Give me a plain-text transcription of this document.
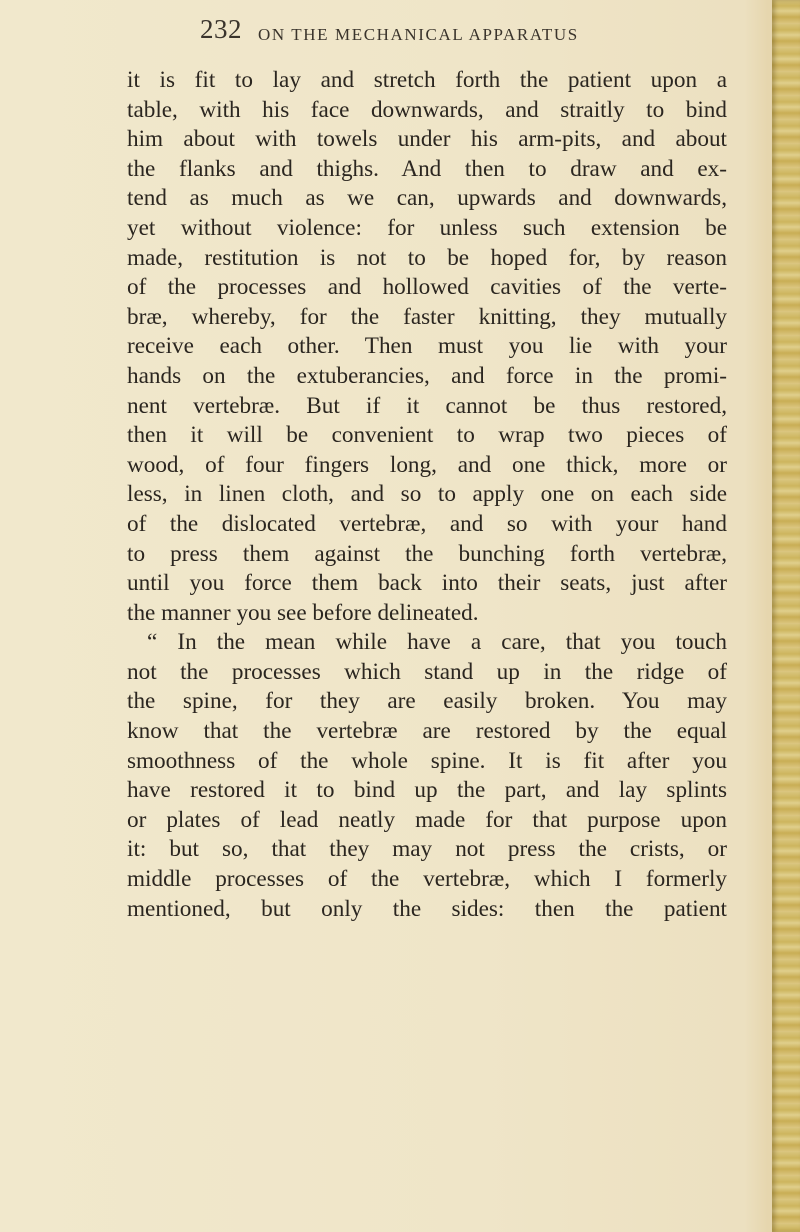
232 ON THE MECHANICAL APPARATUS
it is fit to lay and stretch forth the patient upon a
table, with his face downwards, and straitly to bind
him about with towels under his arm-pits, and about
the flanks and thighs. And then to draw and ex-
tend as much as we can, upwards and downwards,
yet without violence: for unless such extension be
made, restitution is not to be hoped for, by reason
of the processes and hollowed cavities of the verte-
bræ, whereby, for the faster knitting, they mutually
receive each other. Then must you lie with your
hands on the extuberancies, and force in the promi-
nent vertebræ. But if it cannot be thus restored,
then it will be convenient to wrap two pieces of
wood, of four fingers long, and one thick, more or
less, in linen cloth, and so to apply one on each side
of the dislocated vertebræ, and so with your hand
to press them against the bunching forth vertebræ,
until you force them back into their seats, just after
the manner you see before delineated.
“ In the mean while have a care, that you touch
not the processes which stand up in the ridge of
the spine, for they are easily broken. You may
know that the vertebræ are restored by the equal
smoothness of the whole spine. It is fit after you
have restored it to bind up the part, and lay splints
or plates of lead neatly made for that purpose upon
it: but so, that they may not press the crists, or
middle processes of the vertebræ, which I formerly
mentioned, but only the sides: then the patient
